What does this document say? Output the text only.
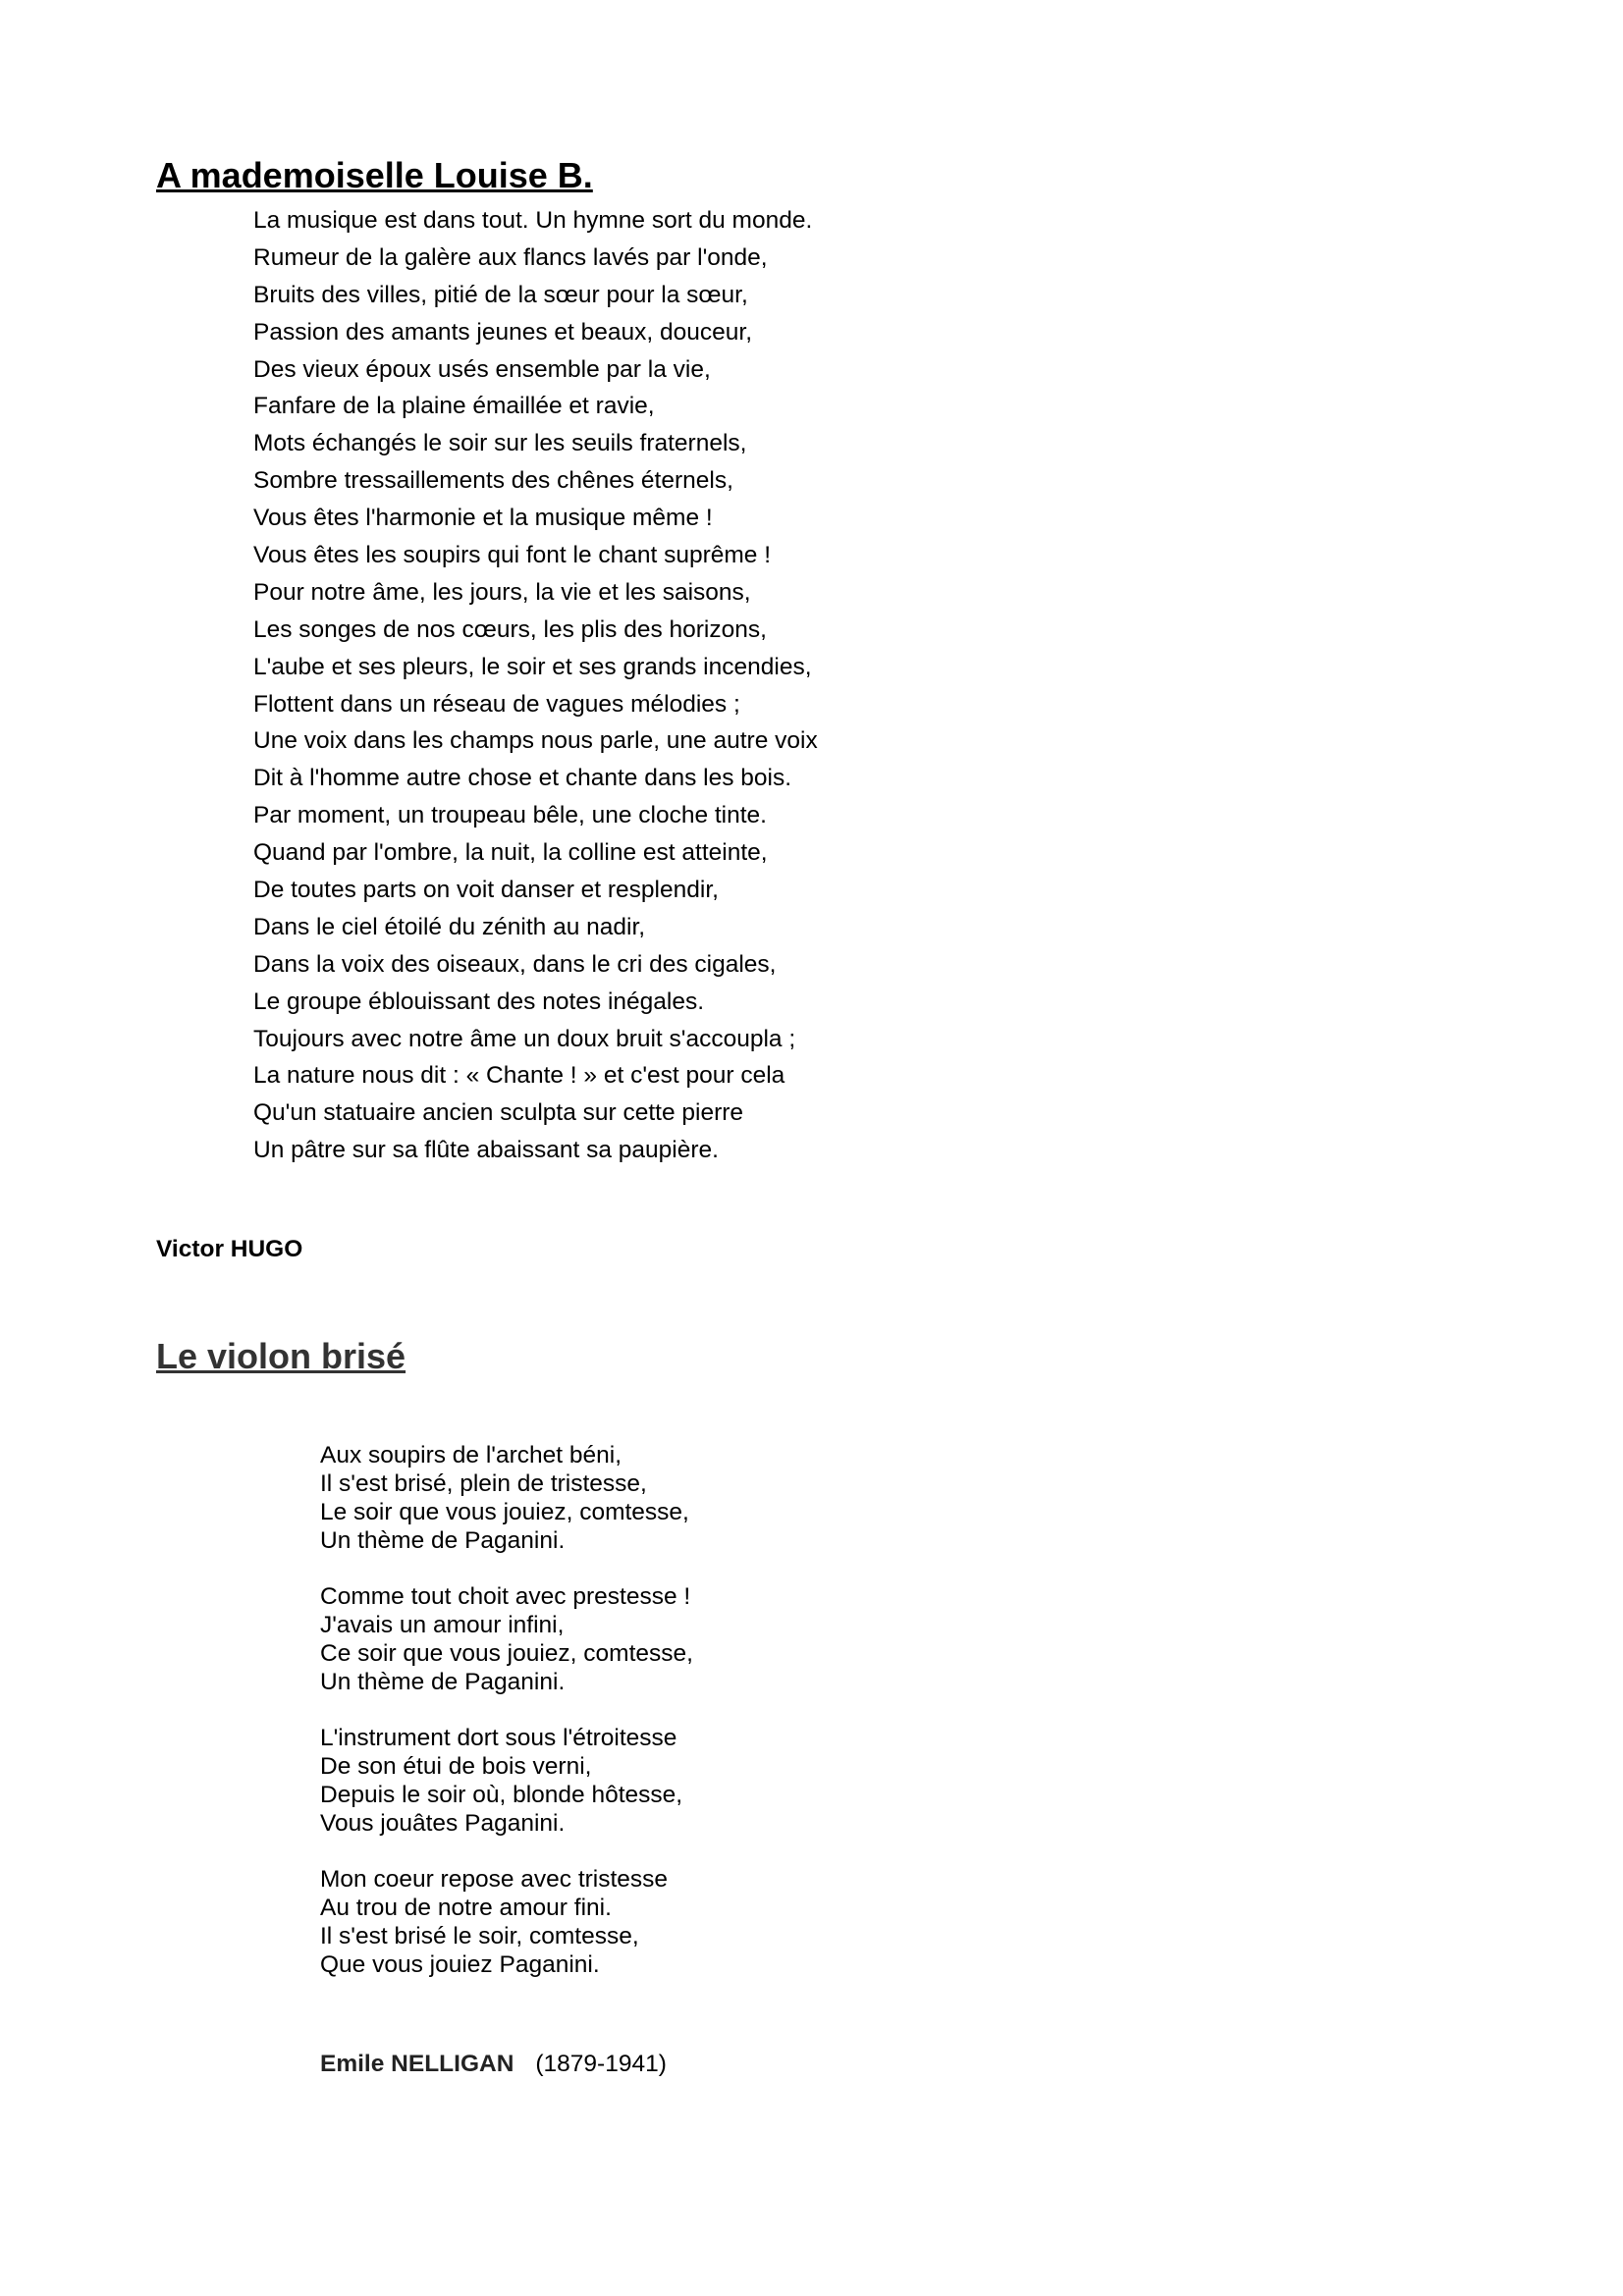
A mademoiselle Louise B.
La musique est dans tout. Un hymne sort du monde.
Rumeur de la galère aux flancs lavés par l'onde,
Bruits des villes, pitié de la sœur pour la sœur,
Passion des amants jeunes et beaux, douceur,
Des vieux époux usés ensemble par la vie,
Fanfare de la plaine émaillée et ravie,
Mots échangés le soir sur les seuils fraternels,
Sombre tressaillements des chênes éternels,
Vous êtes l'harmonie et la musique même !
Vous êtes les soupirs qui font le chant suprême !
Pour notre âme, les jours, la vie et les saisons,
Les songes de nos cœurs, les plis des horizons,
L'aube et ses pleurs, le soir et ses grands incendies,
Flottent dans un réseau de vagues mélodies ;
Une voix dans les champs nous parle, une autre voix
Dit à l'homme autre chose et chante dans les bois.
Par moment, un troupeau bêle, une cloche tinte.
Quand par l'ombre, la nuit, la colline est atteinte,
De toutes parts on voit danser et resplendir,
Dans le ciel étoilé du zénith au nadir,
Dans la voix des oiseaux, dans le cri des cigales,
Le groupe éblouissant des notes inégales.
Toujours avec notre âme un doux bruit s'accoupla ;
La nature nous dit : « Chante ! » et c'est pour cela
Qu'un statuaire ancien sculpta sur cette pierre
Un pâtre sur sa flûte abaissant sa paupière.

Victor HUGO

Le violon brisé
Aux soupirs de l'archet béni,
Il s'est brisé, plein de tristesse,
Le soir que vous jouiez, comtesse,
Un thème de Paganini.
Comme tout choit avec prestesse !
J'avais un amour infini,
Ce soir que vous jouiez, comtesse,
Un thème de Paganini.
L'instrument dort sous l'étroitesse
De son étui de bois verni,
Depuis le soir où, blonde hôtesse,
Vous jouâtes Paganini.
Mon coeur repose avec tristesse
Au trou de notre amour fini.
Il s'est brisé le soir, comtesse,
Que vous jouiez Paganini.

Emile NELLIGAN (1879-1941)
